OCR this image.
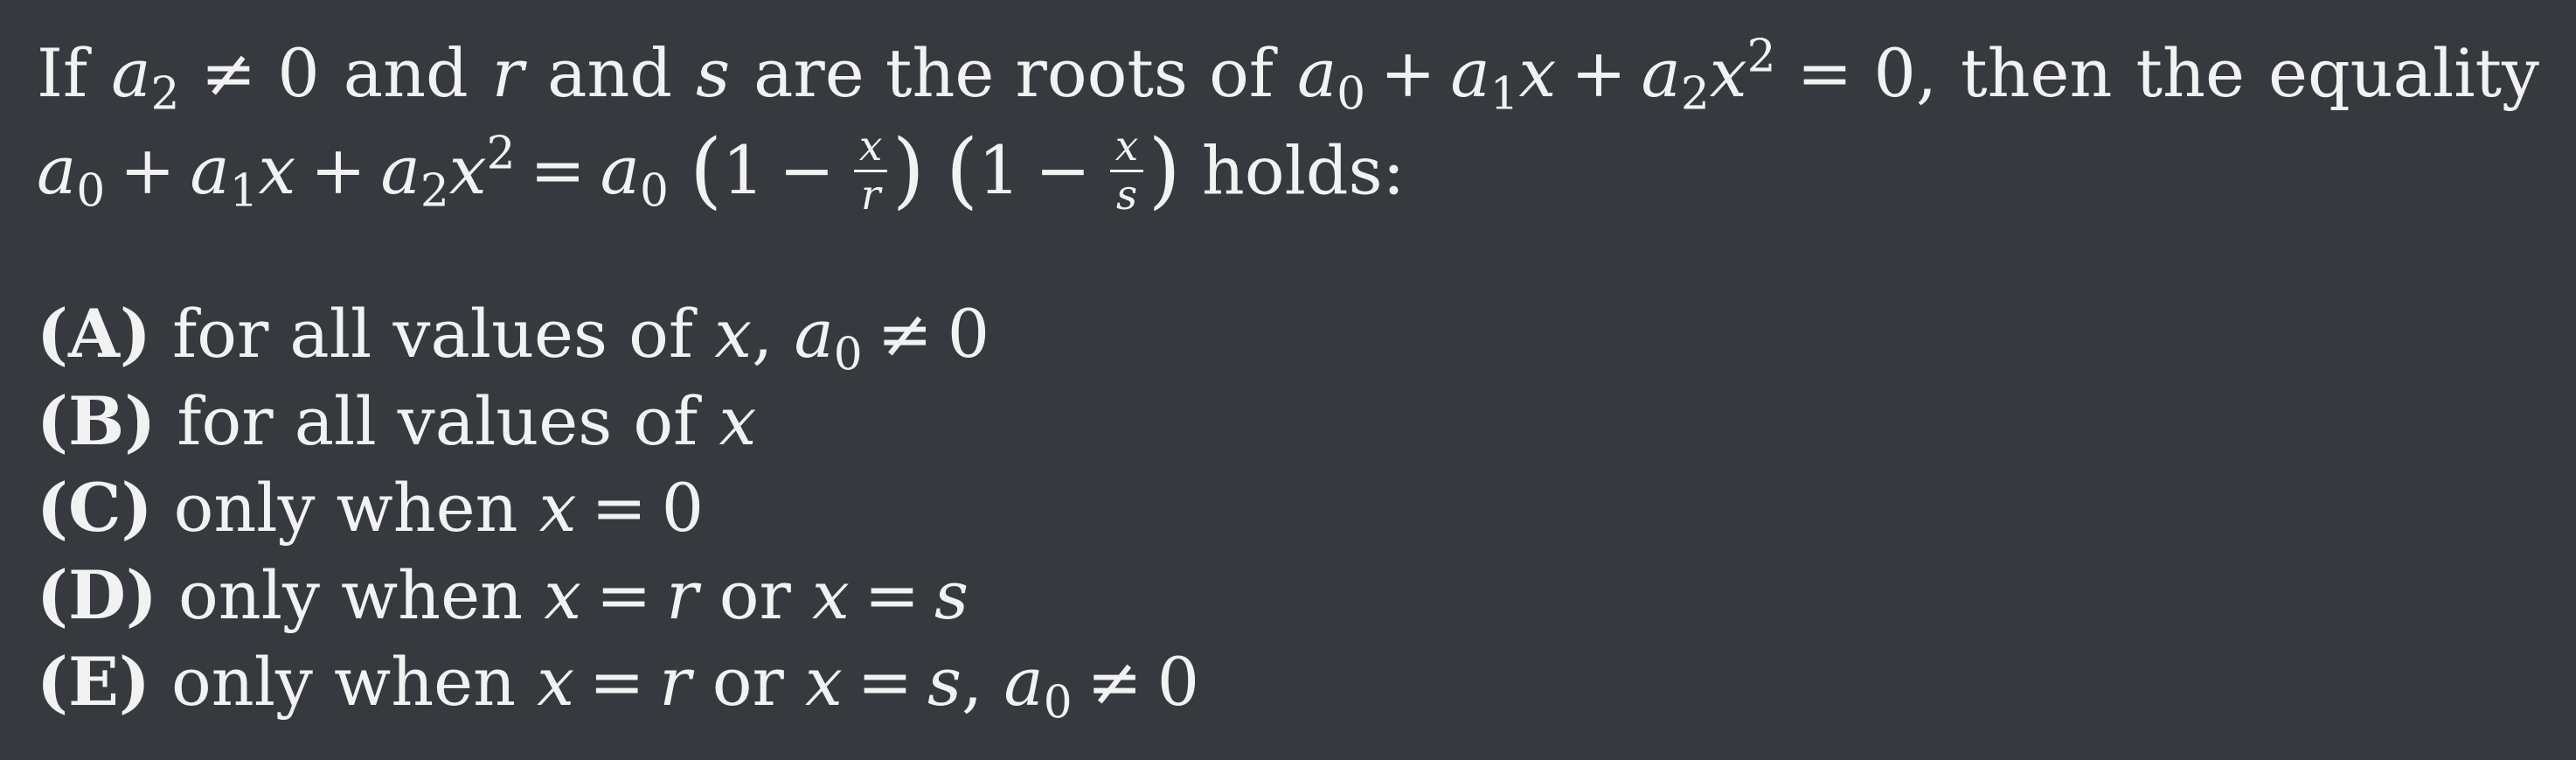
If $a_2 \ne 0$ and r and s are the roots of $a_0 + a_1x + a_2x^2 = 0$, then the equality
$a_0 + a_1x + a_2x^2 = a_0$ ($1 - \frac{x}{r}$ ) ($1 - \frac{x}{s}$ ) holds:
(A) for all values of x, $a_0 \ne 0$
(B) for all values of x
(C) only when x = 0
(D) only when x = r or x = s
(E) only when x = r or x = s, $a_0 \ne 0$
